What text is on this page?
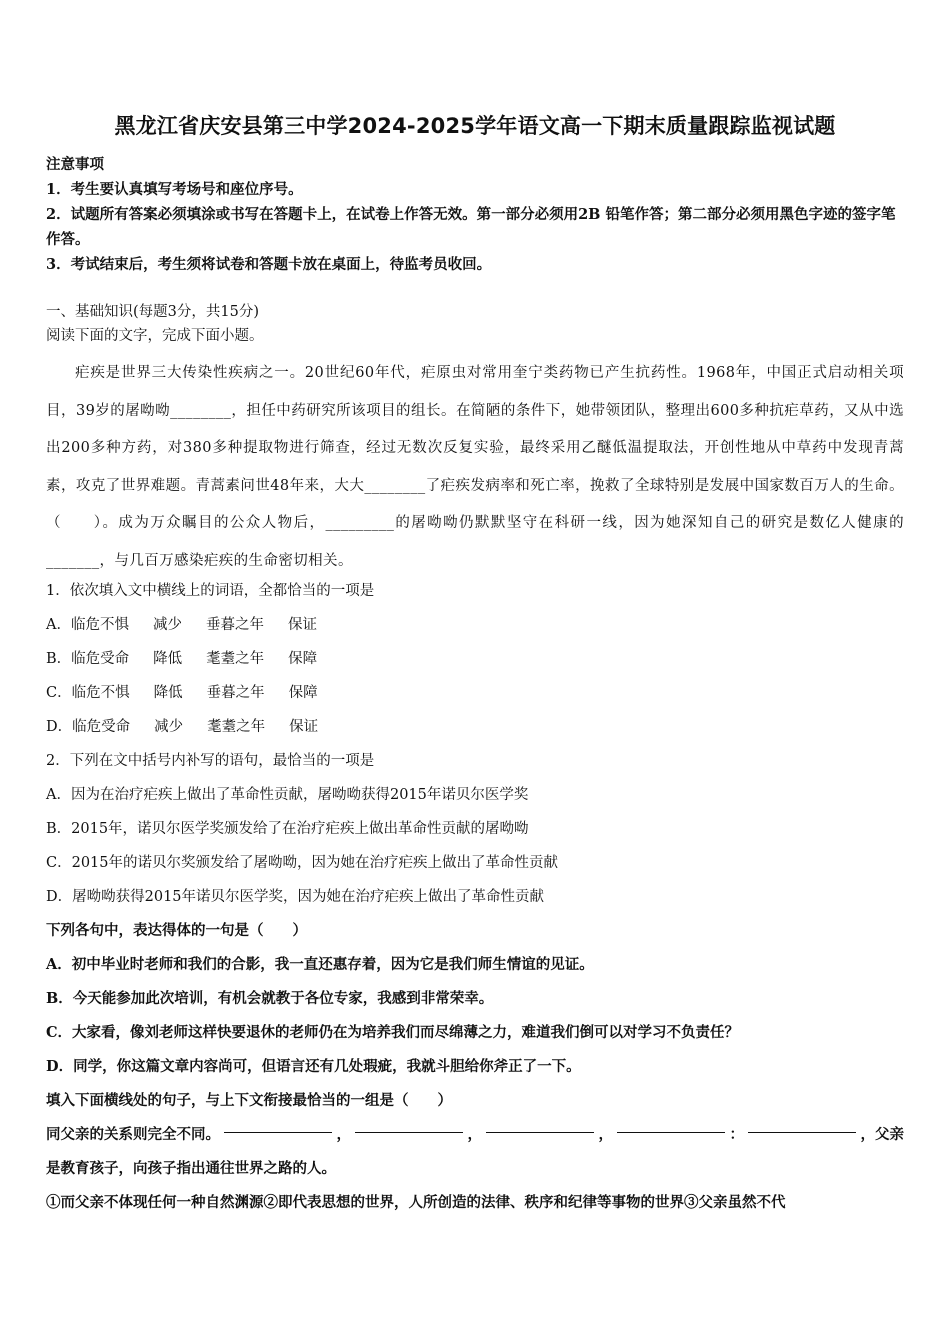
黑龙江省庆安县第三中学2024-2025学年语文高一下期末质量跟踪监视试题
注意事项
1．考生要认真填写考场号和座位序号。
2．试题所有答案必须填涂或书写在答题卡上，在试卷上作答无效。第一部分必须用2B 铅笔作答；第二部分必须用黑色字迹的签字笔作答。
3．考试结束后，考生须将试卷和答题卡放在桌面上，待监考员收回。
一、基础知识(每题3分，共15分)
阅读下面的文字，完成下面小题。
疟疾是世界三大传染性疾病之一。20世纪60年代，疟原虫对常用奎宁类药物已产生抗药性。1968年，中国正式启动相关项目，39岁的屠呦呦________，担任中药研究所该项目的组长。在简陋的条件下，她带领团队，整理出600多种抗疟草药，又从中选出200多种方药，对380多种提取物进行筛查，经过无数次反复实验，最终采用乙醚低温提取法，开创性地从中草药中发现青蒿素，攻克了世界难题。青蒿素问世48年来，大大________了疟疾发病率和死亡率，挽救了全球特别是发展中国家数百万人的生命。（　　）。成为万众瞩目的公众人物后，_________的屠呦呦仍默默坚守在科研一线，因为她深知自己的研究是数亿人健康的_______，与几百万感染疟疾的生命密切相关。
1．依次填入文中横线上的词语，全都恰当的一项是
A．临危不惧 减少 垂暮之年 保证
B．临危受命 降低 耄耋之年 保障
C．临危不惧 降低 垂暮之年 保障
D．临危受命 减少 耄耋之年 保证
2．下列在文中括号内补写的语句，最恰当的一项是
A．因为在治疗疟疾上做出了革命性贡献，屠呦呦获得2015年诺贝尔医学奖
B．2015年，诺贝尔医学奖颁发给了在治疗疟疾上做出革命性贡献的屠呦呦
C．2015年的诺贝尔奖颁发给了屠呦呦，因为她在治疗疟疾上做出了革命性贡献
D．屠呦呦获得2015年诺贝尔医学奖，因为她在治疗疟疾上做出了革命性贡献
下列各句中，表达得体的一句是（　　）
A．初中毕业时老师和我们的合影，我一直还惠存着，因为它是我们师生情谊的见证。
B．今天能参加此次培训，有机会就教于各位专家，我感到非常荣幸。
C．大家看，像刘老师这样快要退休的老师仍在为培养我们而尽绵薄之力，难道我们倒可以对学习不负责任？
D．同学，你这篇文章内容尚可，但语言还有几处瑕疵，我就斗胆给你斧正了一下。
填入下面横线处的句子，与上下文衔接最恰当的一组是（　　）
同父亲的关系则完全不同。	，	，	，	：	，父亲
是教育孩子，向孩子指出通往世界之路的人。
①而父亲不体现任何一种自然渊源②即代表思想的世界，人所创造的法律、秩序和纪律等事物的世界③父亲虽然不代
